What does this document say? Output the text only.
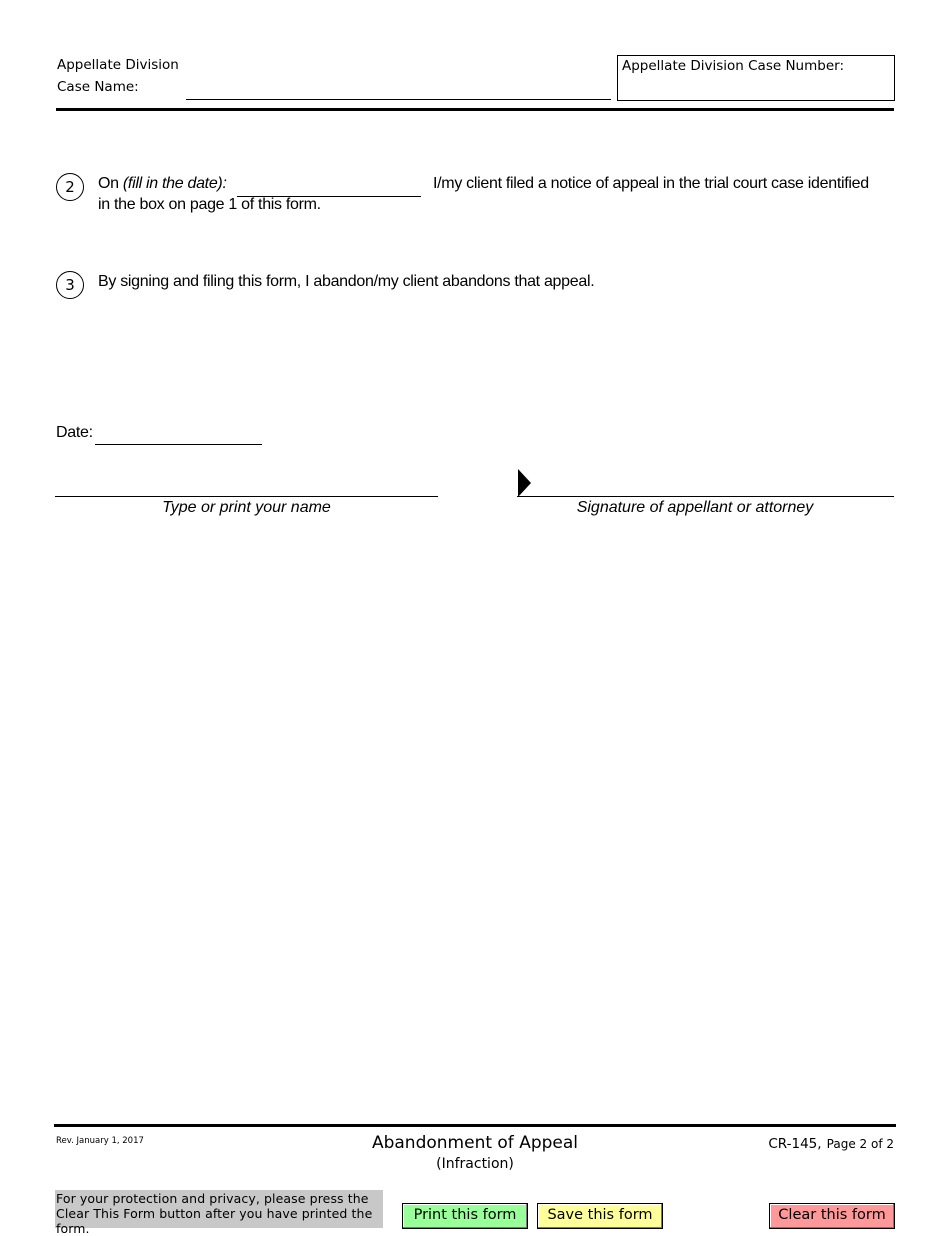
Appellate Division
Case Name:
Appellate Division Case Number:
2	On (fill in the date):	I/my client filed a notice of appeal in the trial court case identified
in the box on page 1 of this form.
3	By signing and filing this form, I abandon/my client abandons that appeal.
Date:
Type or print your name	Signature of appellant or attorney
Rev. January 1, 2017	Abandonment of Appeal
(Infraction)
CR-145, Page 2 of 2
For your protection and privacy, please press the Clear This Form button after you have printed the form.
Print this form	Save this form	Clear this form
